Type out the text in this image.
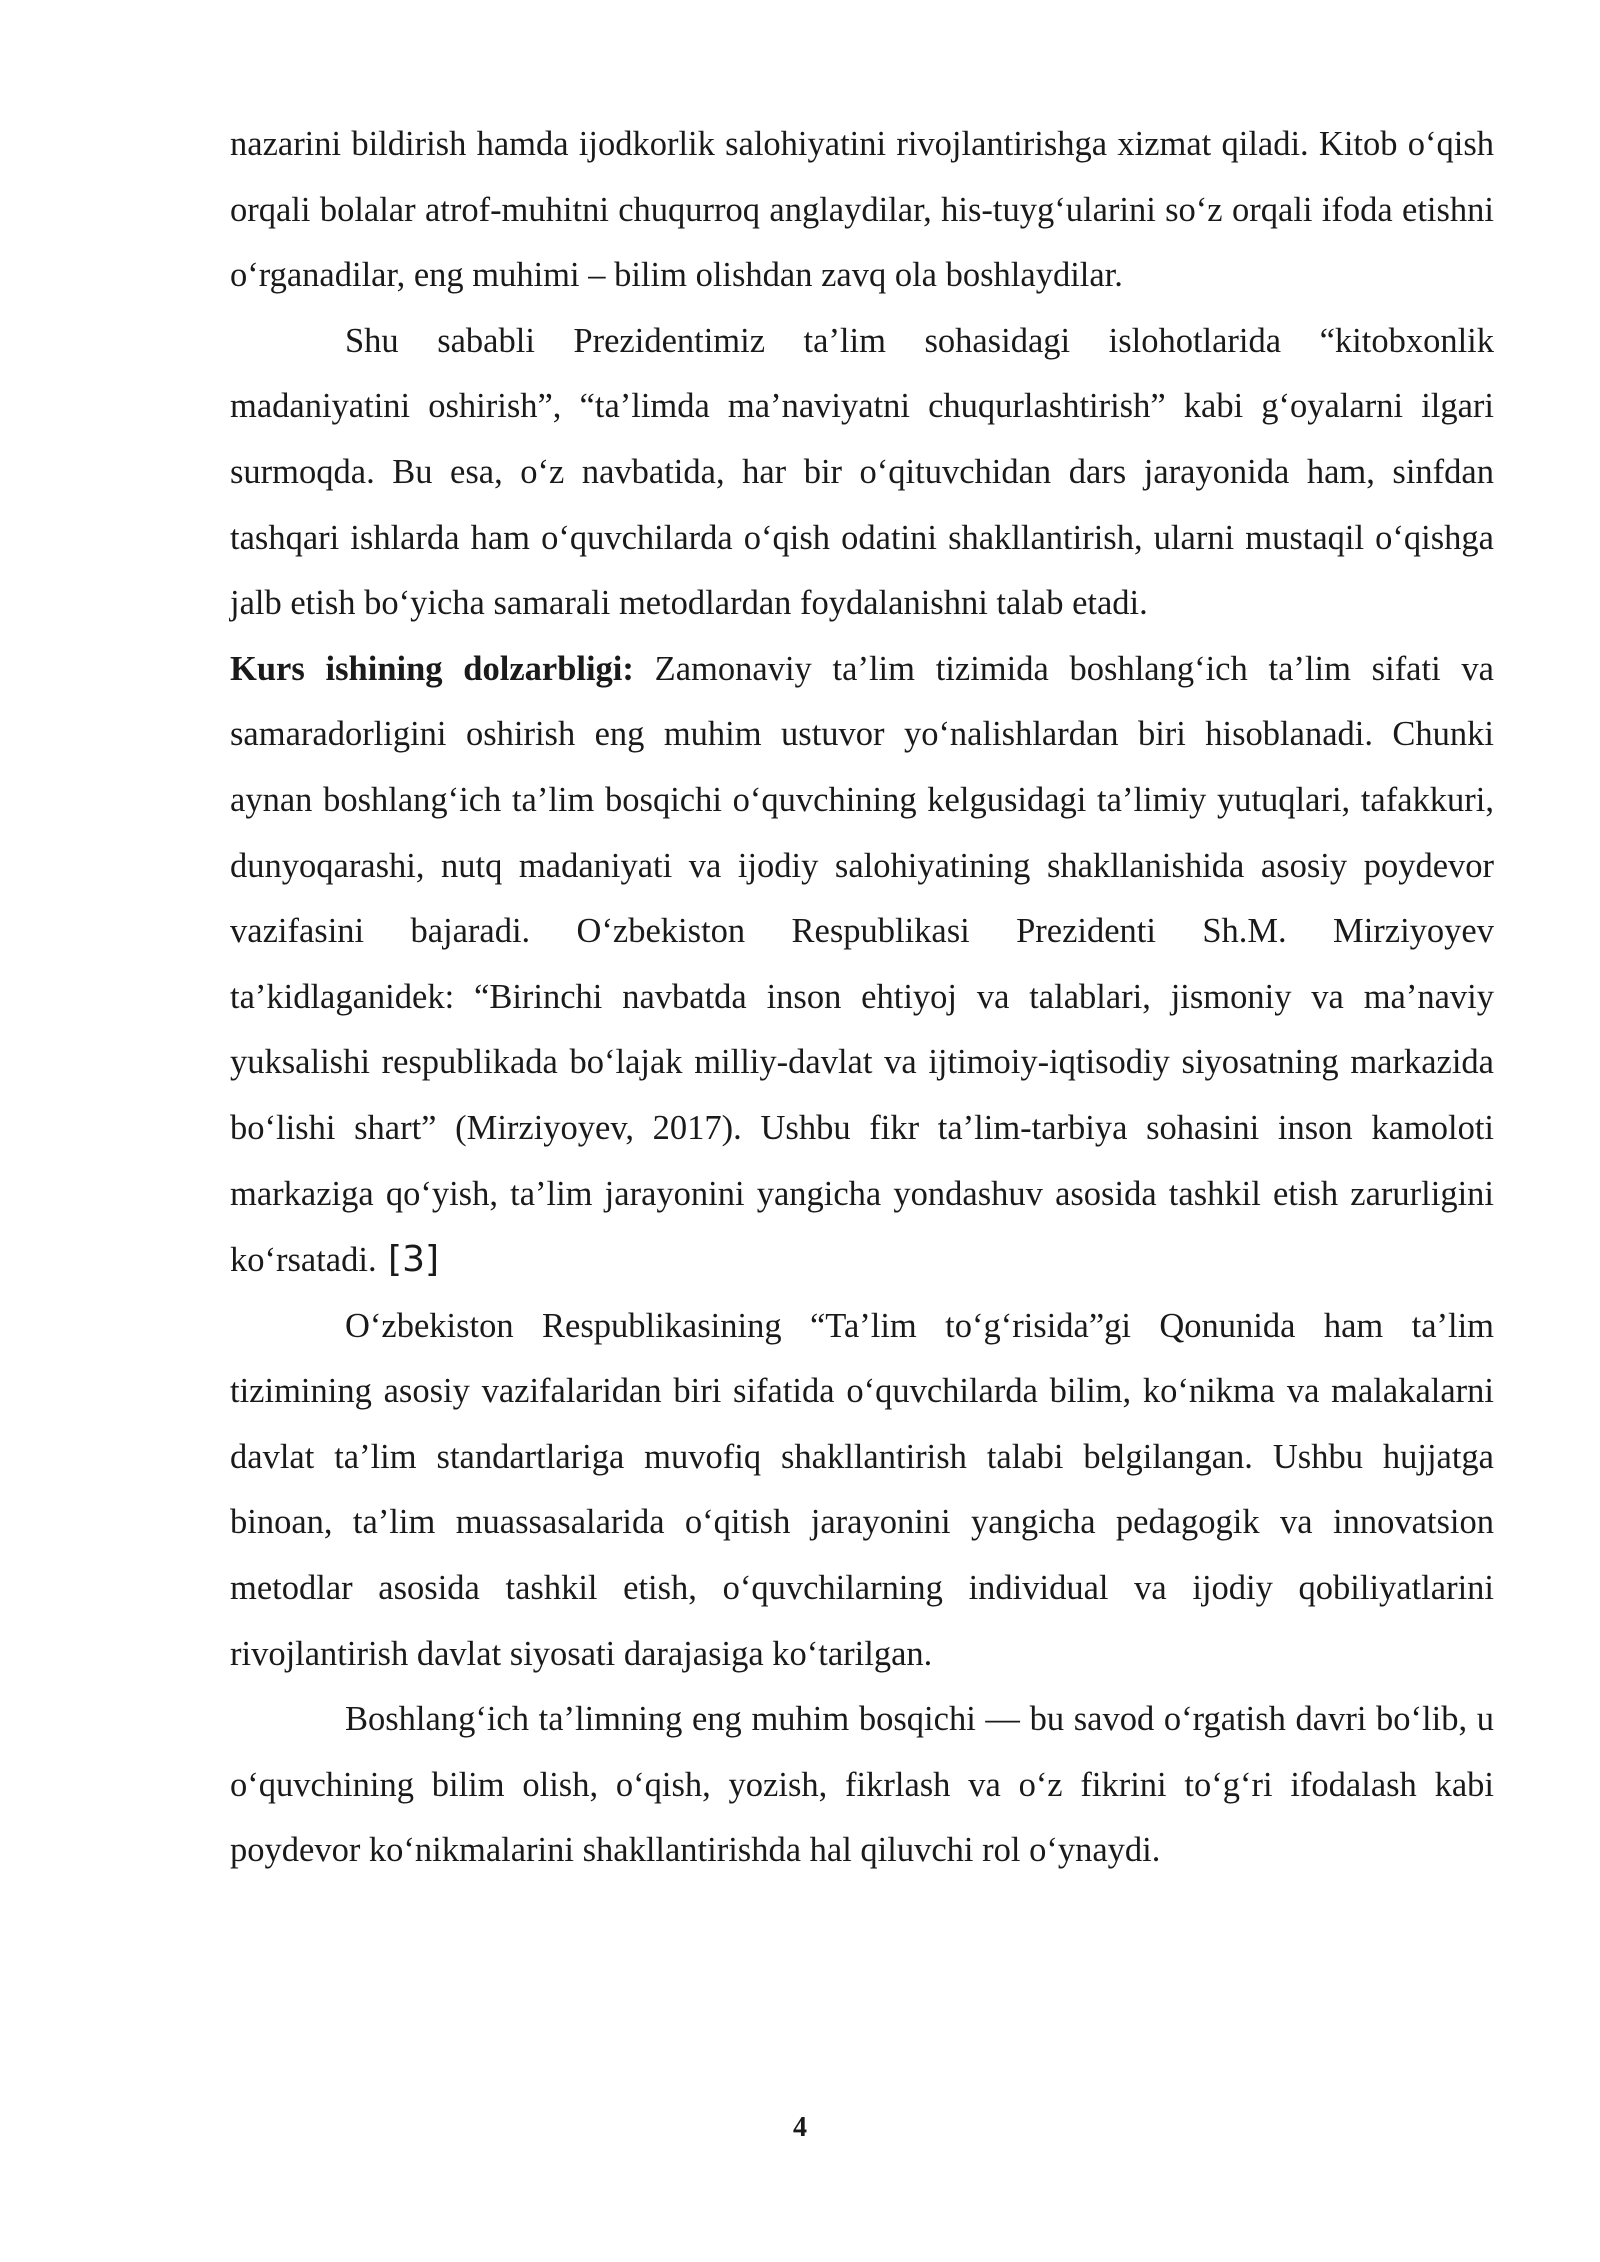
nazarini bildirish hamda ijodkorlik salohiyatini rivojlantirishga xizmat qiladi. Kitob oʻqish orqali bolalar atrof-muhitni chuqurroq anglaydilar, his-tuygʻularini soʻz orqali ifoda etishni oʻrganadilar, eng muhimi – bilim olishdan zavq ola boshlaydilar.

Shu sababli Prezidentimiz ta’lim sohasidagi islohotlarida “kitobxonlik madaniyatini oshirish”, “ta’limda ma’naviyatni chuqurlashtirish” kabi gʻoyalarni ilgari surmoqda. Bu esa, oʻz navbatida, har bir oʻqituvchidan dars jarayonida ham, sinfdan tashqari ishlarda ham oʻquvchilarda oʻqish odatini shakllantirish, ularni mustaqil oʻqishga jalb etish boʻyicha samarali metodlardan foydalanishni talab etadi.

Kurs ishining dolzarbligi: Zamonaviy ta’lim tizimida boshlangʻich ta’lim sifati va samaradorligini oshirish eng muhim ustuvor yoʻnalishlardan biri hisoblanadi. Chunki aynan boshlangʻich ta’lim bosqichi oʻquvchining kelgusidagi ta’limiy yutuqlari, tafakkuri, dunyoqarashi, nutq madaniyati va ijodiy salohiyatining shakllanishida asosiy poydevor vazifasini bajaradi. Oʻzbekiston Respublikasi Prezidenti Sh.M. Mirziyoyev ta’kidlaganidek: “Birinchi navbatda inson ehtiyoj va talablari, jismoniy va ma’naviy yuksalishi respublikada boʻlajak milliy-davlat va ijtimoiy-iqtisodiy siyosatning markazida boʻlishi shart” (Mirziyoyev, 2017). Ushbu fikr ta’lim-tarbiya sohasini inson kamoloti markaziga qoʻyish, ta’lim jarayonini yangicha yondashuv asosida tashkil etish zarurligini koʻrsatadi. [3]

Oʻzbekiston Respublikasining “Ta’lim toʻgʻrisida”gi Qonunida ham ta’lim tizimining asosiy vazifalaridan biri sifatida oʻquvchilarda bilim, koʻnikma va malakalarni davlat ta’lim standartlariga muvofiq shakllantirish talabi belgilangan. Ushbu hujjatga binoan, ta’lim muassasalarida oʻqitish jarayonini yangicha pedagogik va innovatsion metodlar asosida tashkil etish, oʻquvchilarning individual va ijodiy qobiliyatlarini rivojlantirish davlat siyosati darajasiga koʻtarilgan.

Boshlangʻich ta’limning eng muhim bosqichi — bu savod oʻrgatish davri boʻlib, u oʻquvchining bilim olish, oʻqish, yozish, fikrlash va oʻz fikrini toʻgʻri ifodalash kabi poydevor koʻnikmalarini shakllantirishda hal qiluvchi rol oʻynaydi.

4
